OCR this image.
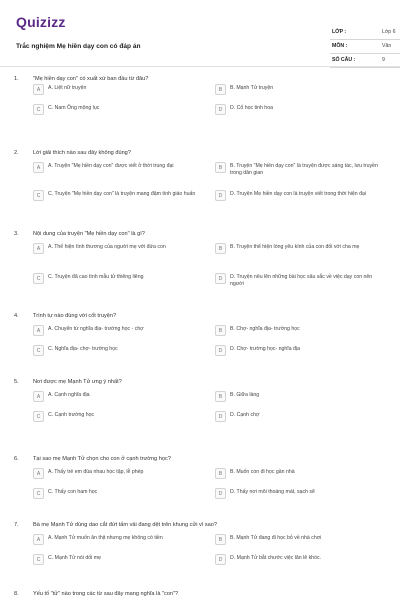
Quizizz
Trắc nghiệm Mẹ hiền dạy con có đáp án
LỚP :	Lớp 6
MÔN :	Văn
SỐ CÂU :	9
1.	"Mẹ hiền dạy con" có xuất xứ ban đầu từ đâu?
A	A. Liệt nữ truyện	B	B. Mạnh Tử truyện
C	C. Nam Ông mộng lục	D	D. Cổ học tinh hoa
2.	Lời giải thích nào sau đây không đúng?
A	A. Truyện "Mẹ hiền dạy con" được viết ở thời trung đại	B	B. Truyện "Mẹ hiền dạy con" là truyện được sáng tác, lưu truyền trong dân gian
C	C. Truyện "Mẹ hiền dạy con" là truyện mang đậm tính giáo huấn	D	D. Truyện Mẹ hiền dạy con là truyện viết trong thời hiện đại
3.	Nội dung của truyện "Mẹ hiền dạy con" là gì?
A	A. Thể hiện tình thương của người mẹ với đứa con	B	B. Truyện thể hiện lòng yêu kính của con đối với cha mẹ
C	C. Truyện đã cao tình mẫu tử thiêng liêng	D	D. Truyện nêu lên những bài học sâu sắc về việc dạy con nên người
4.	Trình tự nào đúng với cốt truyện?
A	A. Chuyển từ nghĩa địa- trường học - chợ	B	B. Chợ- nghĩa địa- trường học
C	C. Nghĩa địa- chợ- trường học	D	D. Chợ- trường học- nghĩa địa
5.	Nơi được mẹ Mạnh Tử ưng ý nhất?
A	A. Cạnh nghĩa địa	B	B. Giữa làng
C	C. Cạnh trường học	D	D. Cạnh chợ
6.	Tại sao mẹ Mạnh Tử chọn cho con ở cạnh trường học?
A	A. Thấy trẻ em đùa nhau học tập, lễ phép	B	B. Muốn con đi học gần nhà
C	C. Thấy con ham học	D	D. Thấy nơi môi thoáng mát, sạch sẽ
7.	Bà mẹ Mạnh Tử dùng dao cắt đứt tấm vải đang dệt trên khung cửi vì sao?
A	A. Mạnh Tử muốn ăn thịt nhưng mẹ không có tiền	B	B. Mạnh Tử đang đi học bỏ về nhà chơi
C	C. Mạnh Tử nói dối mẹ	D	D. Mạnh Tử bắt chước việc lăn lê khóc.
8.	Yếu tố "tử" nào trong các từ sau đây mang nghĩa là "con"?
